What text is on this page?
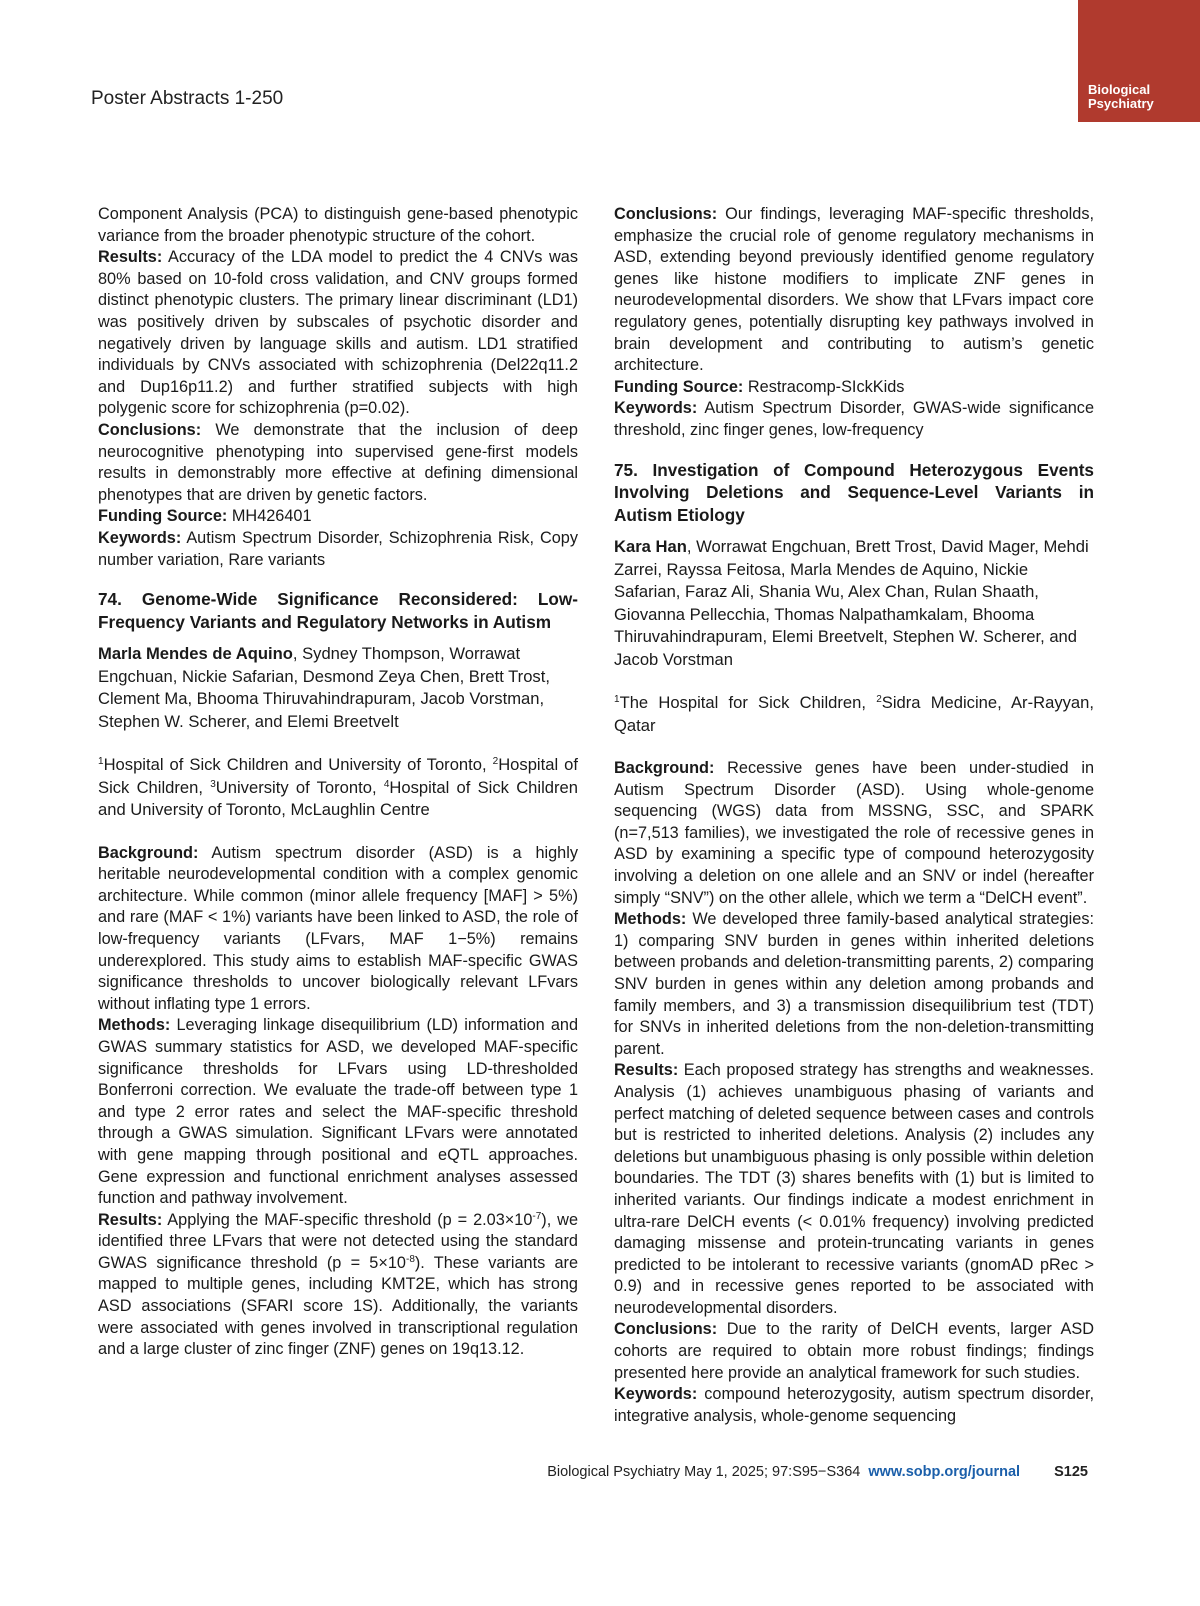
Poster Abstracts 1-250	Biological
Psychiatry

Component Analysis (PCA) to distinguish gene-based phenotypic variance from the broader phenotypic structure of the cohort.

Results: Accuracy of the LDA model to predict the 4 CNVs was 80% based on 10-fold cross validation, and CNV groups formed distinct phenotypic clusters. The primary linear discriminant (LD1) was positively driven by subscales of psychotic disorder and negatively driven by language skills and autism. LD1 stratified individuals by CNVs associated with schizophrenia (Del22q11.2 and Dup16p11.2) and further stratified subjects with high polygenic score for schizophrenia (p=0.02).

Conclusions: We demonstrate that the inclusion of deep neurocognitive phenotyping into supervised gene-first models results in demonstrably more effective at defining dimensional phenotypes that are driven by genetic factors.

Funding Source: MH426401

Keywords: Autism Spectrum Disorder, Schizophrenia Risk, Copy number variation, Rare variants

74. Genome-Wide Significance Reconsidered: Low-Frequency Variants and Regulatory Networks in Autism

Marla Mendes de Aquino, Sydney Thompson, Worrawat Engchuan, Nickie Safarian, Desmond Zeya Chen, Brett Trost, Clement Ma, Bhooma Thiruvahindrapuram, Jacob Vorstman, Stephen W. Scherer, and Elemi Breetvelt

$^1$Hospital of Sick Children and University of Toronto, $^2$Hospital of Sick Children, $^3$University of Toronto, $^4$Hospital of Sick Children and University of Toronto, McLaughlin Centre

Background: Autism spectrum disorder (ASD) is a highly heritable neurodevelopmental condition with a complex genomic architecture. While common (minor allele frequency [MAF] > 5%) and rare (MAF < 1%) variants have been linked to ASD, the role of low-frequency variants (LFvars, MAF 1−5%) remains underexplored. This study aims to establish MAF-specific GWAS significance thresholds to uncover biologically relevant LFvars without inflating type 1 errors.

Methods: Leveraging linkage disequilibrium (LD) information and GWAS summary statistics for ASD, we developed MAF-specific significance thresholds for LFvars using LD-thresholded Bonferroni correction. We evaluate the trade-off between type 1 and type 2 error rates and select the MAF-specific threshold through a GWAS simulation. Significant LFvars were annotated with gene mapping through positional and eQTL approaches. Gene expression and functional enrichment analyses assessed function and pathway involvement.

Results: Applying the MAF-specific threshold $(p = 2.03\times 10^{-7})$, we identified three LFvars that were not detected using the standard GWAS significance threshold $(p = 5\times 10^{-8})$. These variants are mapped to multiple genes, including KMT2E, which has strong ASD associations (SFARI score 1S). Additionally, the variants were associated with genes involved in transcriptional regulation and a large cluster of zinc finger (ZNF) genes on 19q13.12.

Conclusions: Our findings, leveraging MAF-specific thresholds, emphasize the crucial role of genome regulatory mechanisms in ASD, extending beyond previously identified genome regulatory genes like histone modifiers to implicate ZNF genes in neurodevelopmental disorders. We show that LFvars impact core regulatory genes, potentially disrupting key pathways involved in brain development and contributing to autism’s genetic architecture.

Funding Source: Restracomp-SIckKids

Keywords: Autism Spectrum Disorder, GWAS-wide significance threshold, zinc finger genes, low-frequency

75. Investigation of Compound Heterozygous Events Involving Deletions and Sequence-Level Variants in Autism Etiology

Kara Han, Worrawat Engchuan, Brett Trost, David Mager, Mehdi Zarrei, Rayssa Feitosa, Marla Mendes de Aquino, Nickie Safarian, Faraz Ali, Shania Wu, Alex Chan, Rulan Shaath, Giovanna Pellecchia, Thomas Nalpathamkalam, Bhooma Thiruvahindrapuram, Elemi Breetvelt, Stephen W. Scherer, and Jacob Vorstman

$^1$The Hospital for Sick Children, $^2$Sidra Medicine, Ar-Rayyan, Qatar

Background: Recessive genes have been under-studied in Autism Spectrum Disorder (ASD). Using whole-genome sequencing (WGS) data from MSSNG, SSC, and SPARK (n=7,513 families), we investigated the role of recessive genes in ASD by examining a specific type of compound heterozygosity involving a deletion on one allele and an SNV or indel (hereafter simply “SNV”) on the other allele, which we term a “DelCH event”.

Methods: We developed three family-based analytical strategies: 1) comparing SNV burden in genes within inherited deletions between probands and deletion-transmitting parents, 2) comparing SNV burden in genes within any deletion among probands and family members, and 3) a transmission disequilibrium test (TDT) for SNVs in inherited deletions from the non-deletion-transmitting parent.

Results: Each proposed strategy has strengths and weaknesses. Analysis (1) achieves unambiguous phasing of variants and perfect matching of deleted sequence between cases and controls but is restricted to inherited deletions. Analysis (2) includes any deletions but unambiguous phasing is only possible within deletion boundaries. The TDT (3) shares benefits with (1) but is limited to inherited variants. Our findings indicate a modest enrichment in ultra-rare DelCH events (< 0.01% frequency) involving predicted damaging missense and protein-truncating variants in genes predicted to be intolerant to recessive variants (gnomAD pRec > 0.9) and in recessive genes reported to be associated with neurodevelopmental disorders.

Conclusions: Due to the rarity of DelCH events, larger ASD cohorts are required to obtain more robust findings; findings presented here provide an analytical framework for such studies.

Keywords: compound heterozygosity, autism spectrum disorder, integrative analysis, whole-genome sequencing

Biological Psychiatry May 1, 2025; 97:S95−S364 www.sobp.org/journal S125
